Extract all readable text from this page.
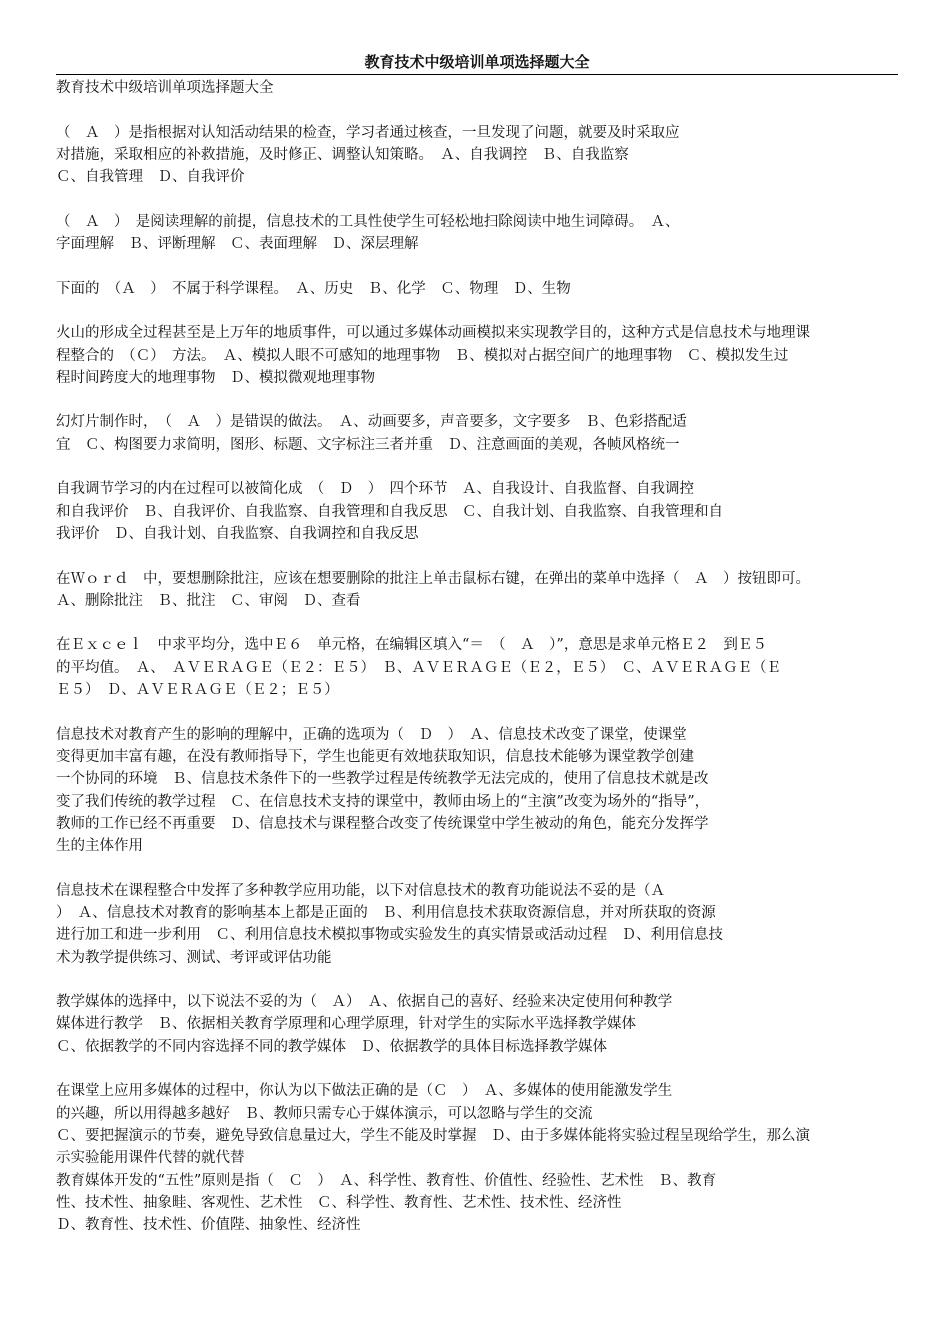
教育技术中级培训单项选择题大全
教育技术中级培训单项选择题大全
（　Ａ　）是指根据对认知活动结果的检查，学习者通过核查，一旦发现了问题，就要及时采取应
对措施，采取相应的补救措施，及时修正、调整认知策略。　Ａ、自我调控　Ｂ、自我监察
Ｃ、自我管理　Ｄ、自我评价
（　Ａ　）　是阅读理解的前提，信息技术的工具性使学生可轻松地扫除阅读中地生词障碍。　Ａ、
字面理解　Ｂ、评断理解　Ｃ、表面理解　Ｄ、深层理解
下面的　（Ａ　）　不属于科学课程。　Ａ、历史　Ｂ、化学　Ｃ、物理　Ｄ、生物
火山的形成全过程甚至是上万年的地质事件，可以通过多媒体动画模拟来实现教学目的，这种方式是信息技术与地理课
程整合的　（Ｃ）　方法。　Ａ、模拟人眼不可感知的地理事物　Ｂ、模拟对占据空间广的地理事物　Ｃ、模拟发生过
程时间跨度大的地理事物　Ｄ、模拟微观地理事物
幻灯片制作时，　（　Ａ　）是错误的做法。　Ａ、动画要多，声音要多，文字要多　Ｂ、色彩搭配适
宜　Ｃ、构图要力求简明，图形、标题、文字标注三者并重　Ｄ、注意画面的美观，各帧风格统一
自我调节学习的内在过程可以被简化成　（　Ｄ　）　四个环节　Ａ、自我设计、自我监督、自我调控
和自我评价　Ｂ、自我评价、自我监察、自我管理和自我反思　Ｃ、自我计划、自我监察、自我管理和自
我评价　Ｄ、自我计划、自我监察、自我调控和自我反思
在Ｗｏｒｄ　中，要想删除批注，应该在想要删除的批注上单击鼠标右键，在弹出的菜单中选择（　Ａ　）按钮即可。
Ａ、删除批注　Ｂ、批注　Ｃ、审阅　Ｄ、查看
在Ｅｘｃｅｌ　中求平均分，选中Ｅ６　单元格，在编辑区填入“＝　（　Ａ　）”，意思是求单元格Ｅ２　到Ｅ５
的平均值。　Ａ、　ＡＶＥＲＡＧＥ（Ｅ２：Ｅ５）　Ｂ、ＡＶＥＲＡＧＥ（Ｅ２，Ｅ５）　Ｃ、ＡＶＥＲＡＧＥ（Ｅ
Ｅ５）　Ｄ、ＡＶＥＲＡＧＥ（Ｅ２；Ｅ５）
信息技术对教育产生的影响的理解中，正确的选项为（　Ｄ　）　Ａ、信息技术改变了课堂，使课堂
变得更加丰富有趣，在没有教师指导下，学生也能更有效地获取知识，信息技术能够为课堂教学创建
一个协同的环境　Ｂ、信息技术条件下的一些教学过程是传统教学无法完成的，使用了信息技术就是改
变了我们传统的教学过程　Ｃ、在信息技术支持的课堂中，教师由场上的“主演”改变为场外的“指导”，
教师的工作已经不再重要　Ｄ、信息技术与课程整合改变了传统课堂中学生被动的角色，能充分发挥学
生的主体作用
信息技术在课程整合中发挥了多种教学应用功能，以下对信息技术的教育功能说法不妥的是（Ａ
）　Ａ、信息技术对教育的影响基本上都是正面的　Ｂ、利用信息技术获取资源信息，并对所获取的资源
进行加工和进一步利用　Ｃ、利用信息技术模拟事物或实验发生的真实情景或活动过程　Ｄ、利用信息技
术为教学提供练习、测试、考评或评估功能
教学媒体的选择中，以下说法不妥的为（　Ａ）　Ａ、依据自己的喜好、经验来决定使用何种教学
媒体进行教学　Ｂ、依据相关教育学原理和心理学原理，针对学生的实际水平选择教学媒体
Ｃ、依据教学的不同内容选择不同的教学媒体　Ｄ、依据教学的具体目标选择教学媒体
在课堂上应用多媒体的过程中，你认为以下做法正确的是（Ｃ　）　Ａ、多媒体的使用能激发学生
的兴趣，所以用得越多越好　Ｂ、教师只需专心于媒体演示，可以忽略与学生的交流
Ｃ、要把握演示的节奏，避免导致信息量过大，学生不能及时掌握　Ｄ、由于多媒体能将实验过程呈现给学生，那么演
示实验能用课件代替的就代替
教育媒体开发的“五性”原则是指（　Ｃ　）　Ａ、科学性、教育性、价值性、经验性、艺术性　Ｂ、教育
性、技术性、抽象畦、客观性、艺术性　Ｃ、科学性、教育性、艺术性、技术性、经济性
Ｄ、教育性、技术性、价值陛、抽象性、经济性
